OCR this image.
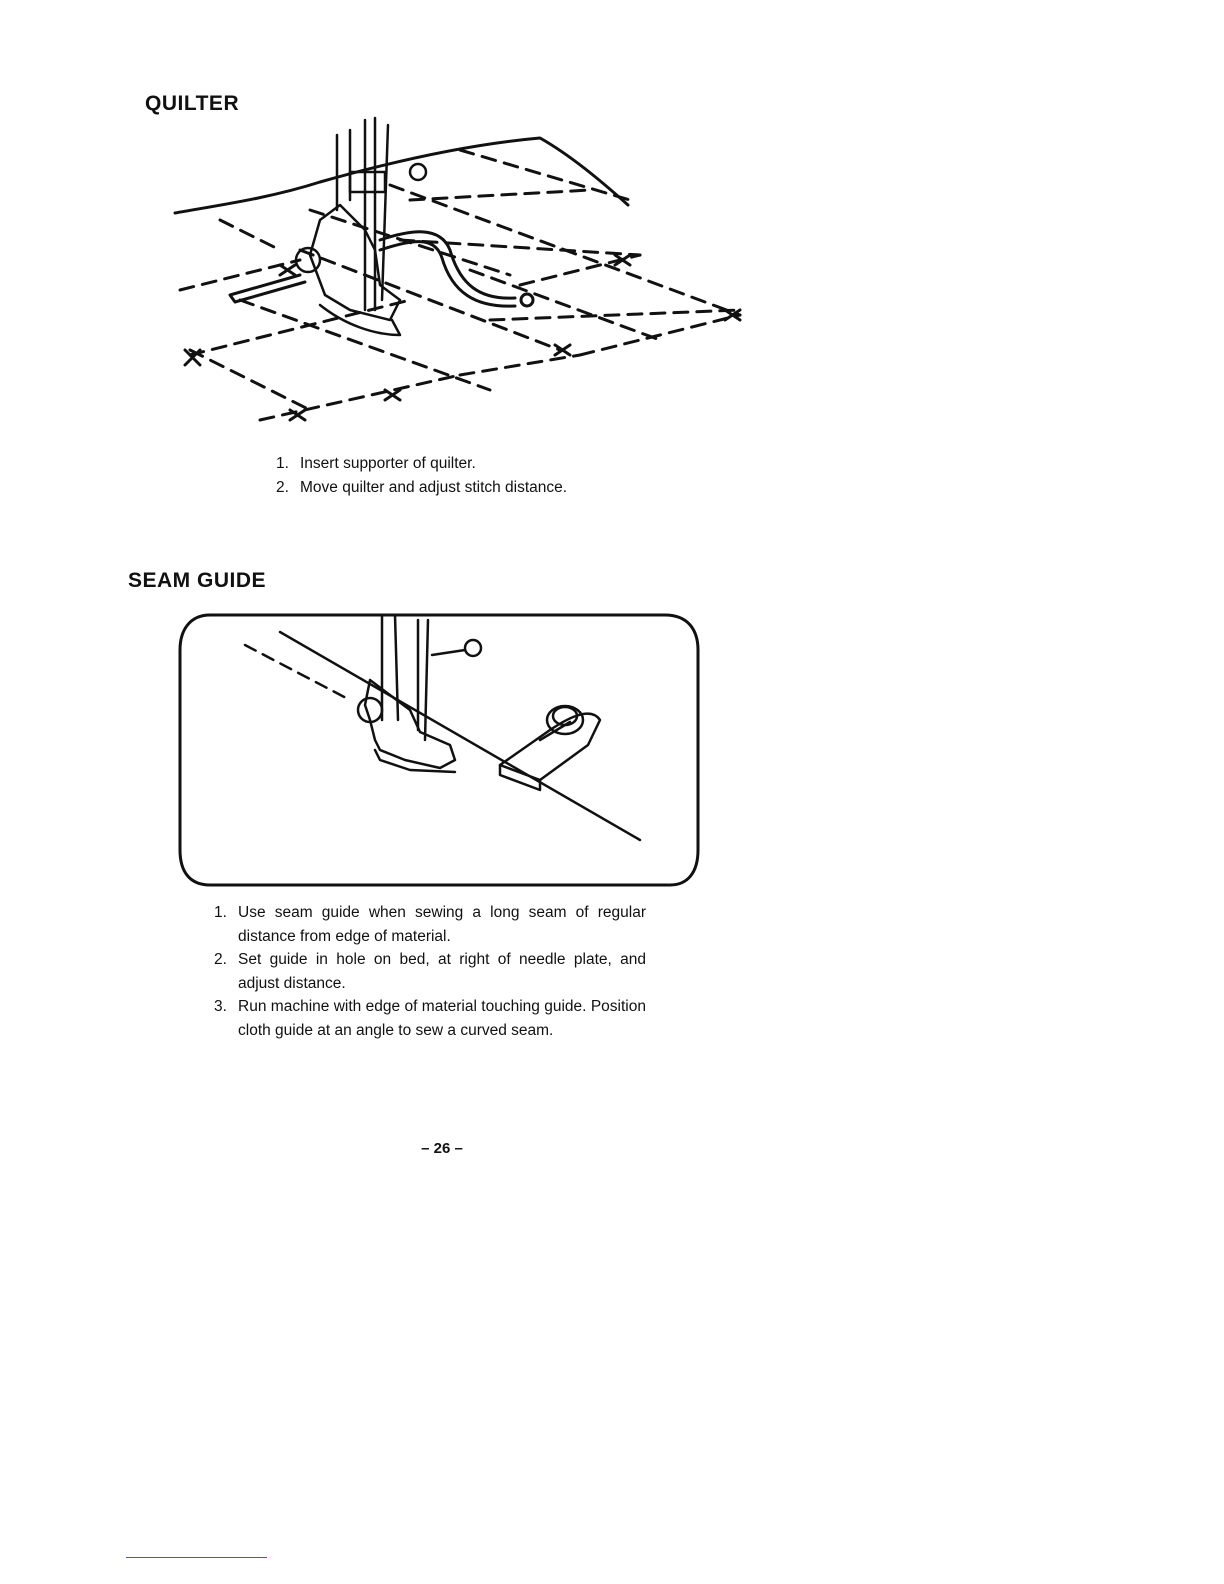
QUILTER
1. Insert supporter of quilter.
2. Move quilter and adjust stitch distance.
SEAM GUIDE
1. Use seam guide when sewing a long seam of regular distance from edge of material.
2. Set guide in hole on bed, at right of needle plate, and adjust distance.
3. Run machine with edge of material touching guide. Position cloth guide at an angle to sew a curved seam.
– 26 –
